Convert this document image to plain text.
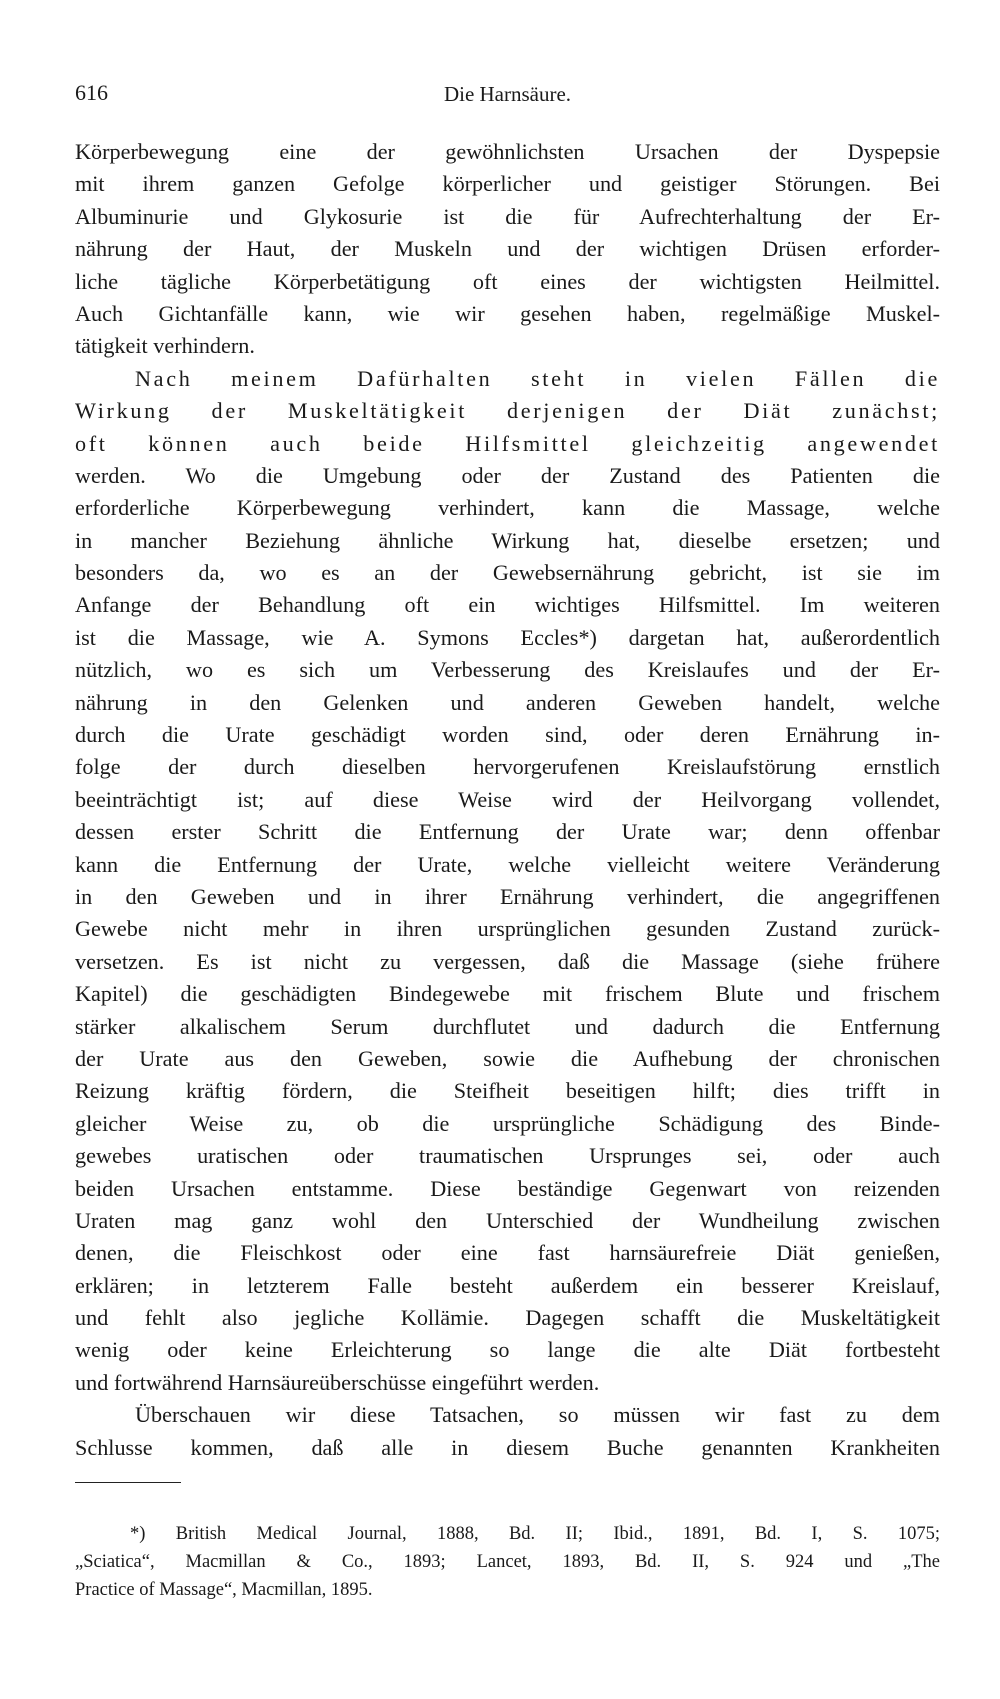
616	Die Harnsäure.
Körperbewegung eine der gewöhnlichsten Ursachen der Dyspepsie
mit ihrem ganzen Gefolge körperlicher und geistiger Störungen. Bei
Albuminurie und Glykosurie ist die für Aufrechterhaltung der Er-
nährung der Haut, der Muskeln und der wichtigen Drüsen erforder-
liche tägliche Körperbetätigung oft eines der wichtigsten Heilmittel.
Auch Gichtanfälle kann, wie wir gesehen haben, regelmäßige Muskel-
tätigkeit verhindern.
Nach meinem Dafürhalten steht in vielen Fällen die
Wirkung der Muskeltätigkeit derjenigen der Diät zunächst;
oft können auch beide Hilfsmittel gleichzeitig angewendet
werden. Wo die Umgebung oder der Zustand des Patienten die
erforderliche Körperbewegung verhindert, kann die Massage, welche
in mancher Beziehung ähnliche Wirkung hat, dieselbe ersetzen; und
besonders da, wo es an der Gewebsernährung gebricht, ist sie im
Anfange der Behandlung oft ein wichtiges Hilfsmittel. Im weiteren
ist die Massage, wie A. Symons Eccles*) dargetan hat, außerordentlich
nützlich, wo es sich um Verbesserung des Kreislaufes und der Er-
nährung in den Gelenken und anderen Geweben handelt, welche
durch die Urate geschädigt worden sind, oder deren Ernährung in-
folge der durch dieselben hervorgerufenen Kreislaufstörung ernstlich
beeinträchtigt ist; auf diese Weise wird der Heilvorgang vollendet,
dessen erster Schritt die Entfernung der Urate war; denn offenbar
kann die Entfernung der Urate, welche vielleicht weitere Veränderung
in den Geweben und in ihrer Ernährung verhindert, die angegriffenen
Gewebe nicht mehr in ihren ursprünglichen gesunden Zustand zurück-
versetzen. Es ist nicht zu vergessen, daß die Massage (siehe frühere
Kapitel) die geschädigten Bindegewebe mit frischem Blute und frischem
stärker alkalischem Serum durchflutet und dadurch die Entfernung
der Urate aus den Geweben, sowie die Aufhebung der chronischen
Reizung kräftig fördern, die Steifheit beseitigen hilft; dies trifft in
gleicher Weise zu, ob die ursprüngliche Schädigung des Binde-
gewebes uratischen oder traumatischen Ursprunges sei, oder auch
beiden Ursachen entstamme. Diese beständige Gegenwart von reizenden
Uraten mag ganz wohl den Unterschied der Wundheilung zwischen
denen, die Fleischkost oder eine fast harnsäurefreie Diät genießen,
erklären; in letzterem Falle besteht außerdem ein besserer Kreislauf,
und fehlt also jegliche Kollämie. Dagegen schafft die Muskeltätigkeit
wenig oder keine Erleichterung so lange die alte Diät fortbesteht
und fortwährend Harnsäureüberschüsse eingeführt werden.
Überschauen wir diese Tatsachen, so müssen wir fast zu dem
Schlusse kommen, daß alle in diesem Buche genannten Krankheiten
*) British Medical Journal, 1888, Bd. II; Ibid., 1891, Bd. I, S. 1075;
„Sciatica“, Macmillan & Co., 1893; Lancet, 1893, Bd. II, S. 924 und „The
Practice of Massage“, Macmillan, 1895.
